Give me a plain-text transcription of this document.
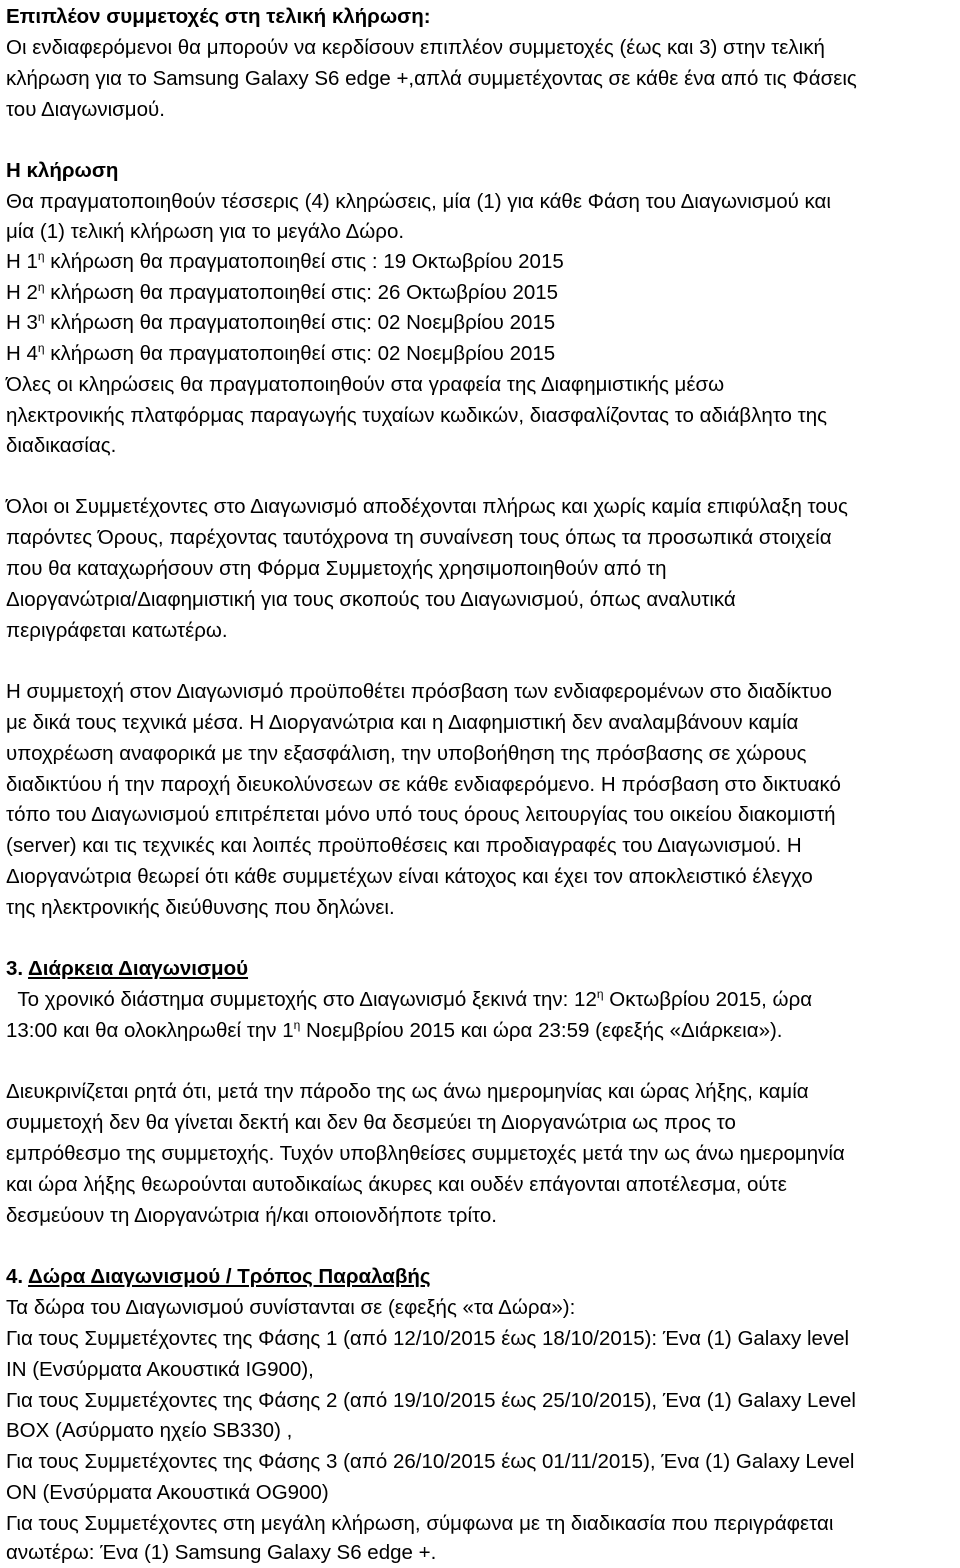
Επιπλέον συμμετοχές στη τελική κλήρωση:
Οι ενδιαφερόμενοι θα μπορούν να κερδίσουν επιπλέον συμμετοχές (έως και 3) στην τελική
κλήρωση για το Samsung Galaxy S6 edge +,απλά συμμετέχοντας σε κάθε ένα από τις Φάσεις
του Διαγωνισμού.
Η κλήρωση
Θα πραγματοποιηθούν τέσσερις (4) κληρώσεις, μία (1) για κάθε Φάση του Διαγωνισμού και
μία (1) τελική κλήρωση για το μεγάλο Δώρο.
Η $1^\eta$ κλήρωση θα πραγματοποιηθεί στις : 19 Οκτωβρίου 2015
Η $2^\eta$ κλήρωση θα πραγματοποιηθεί στις: 26 Οκτωβρίου 2015
Η $3^\eta$ κλήρωση θα πραγματοποιηθεί στις: 02 Νοεμβρίου 2015
Η $4^\eta$ κλήρωση θα πραγματοποιηθεί στις: 02 Νοεμβρίου 2015
Όλες οι κληρώσεις θα πραγματοποιηθούν στα γραφεία της Διαφημιστικής μέσω
ηλεκτρονικής πλατφόρμας παραγωγής τυχαίων κωδικών, διασφαλίζοντας το αδιάβλητο της
διαδικασίας.
Όλοι οι Συμμετέχοντες στο Διαγωνισμό αποδέχονται πλήρως και χωρίς καμία επιφύλαξη τους
παρόντες Όρους, παρέχοντας ταυτόχρονα τη συναίνεση τους όπως τα προσωπικά στοιχεία
που θα καταχωρήσουν στη Φόρμα Συμμετοχής χρησιμοποιηθούν από τη
Διοργανώτρια/Διαφημιστική για τους σκοπούς του Διαγωνισμού, όπως αναλυτικά
περιγράφεται κατωτέρω.
Η συμμετοχή στον Διαγωνισμό προϋποθέτει πρόσβαση των ενδιαφερομένων στο διαδίκτυο
με δικά τους τεχνικά μέσα. Η Διοργανώτρια και η Διαφημιστική δεν αναλαμβάνουν καμία
υποχρέωση αναφορικά με την εξασφάλιση, την υποβοήθηση της πρόσβασης σε χώρους
διαδικτύου ή την παροχή διευκολύνσεων σε κάθε ενδιαφερόμενο. Η πρόσβαση στο δικτυακό
τόπο του Διαγωνισμού επιτρέπεται μόνο υπό τους όρους λειτουργίας του οικείου διακομιστή
(server) και τις τεχνικές και λοιπές προϋποθέσεις και προδιαγραφές του Διαγωνισμού. Η
Διοργανώτρια θεωρεί ότι κάθε συμμετέχων είναι κάτοχος και έχει τον αποκλειστικό έλεγχο
της ηλεκτρονικής διεύθυνσης που δηλώνει.
3. Διάρκεια Διαγωνισμού
Το χρονικό διάστημα συμμετοχής στο Διαγωνισμό ξεκινά την: $12^\eta$ Οκτωβρίου 2015, ώρα
13:00 και θα ολοκληρωθεί την $1^\eta$ Νοεμβρίου 2015 και ώρα 23:59 (εφεξής «Διάρκεια»).
Διευκρινίζεται ρητά ότι, μετά την πάροδο της ως άνω ημερομηνίας και ώρας λήξης, καμία
συμμετοχή δεν θα γίνεται δεκτή και δεν θα δεσμεύει τη Διοργανώτρια ως προς το
εμπρόθεσμο της συμμετοχής. Τυχόν υποβληθείσες συμμετοχές μετά την ως άνω ημερομηνία
και ώρα λήξης θεωρούνται αυτοδικαίως άκυρες και ουδέν επάγονται αποτέλεσμα, ούτε
δεσμεύουν τη Διοργανώτρια ή/και οποιονδήποτε τρίτο.
4. Δώρα Διαγωνισμού / Τρόπος Παραλαβής
Τα δώρα του Διαγωνισμού συνίστανται σε (εφεξής «τα Δώρα»):
Για τους Συμμετέχοντες της Φάσης 1 (από 12/10/2015 έως 18/10/2015): Ένα (1) Galaxy level
IN (Ενσύρματα Ακουστικά IG900),
Για τους Συμμετέχοντες της Φάσης 2 (από 19/10/2015 έως 25/10/2015), Ένα (1) Galaxy Level
BOX (Ασύρματο ηχείο SB330) ,
Για τους Συμμετέχοντες της Φάσης 3 (από 26/10/2015 έως 01/11/2015), Ένα (1) Galaxy Level
ON (Ενσύρματα Ακουστικά OG900)
Για τους Συμμετέχοντες στη μεγάλη κλήρωση, σύμφωνα με τη διαδικασία που περιγράφεται
ανωτέρω: Ένα (1) Samsung Galaxy S6 edge +.
